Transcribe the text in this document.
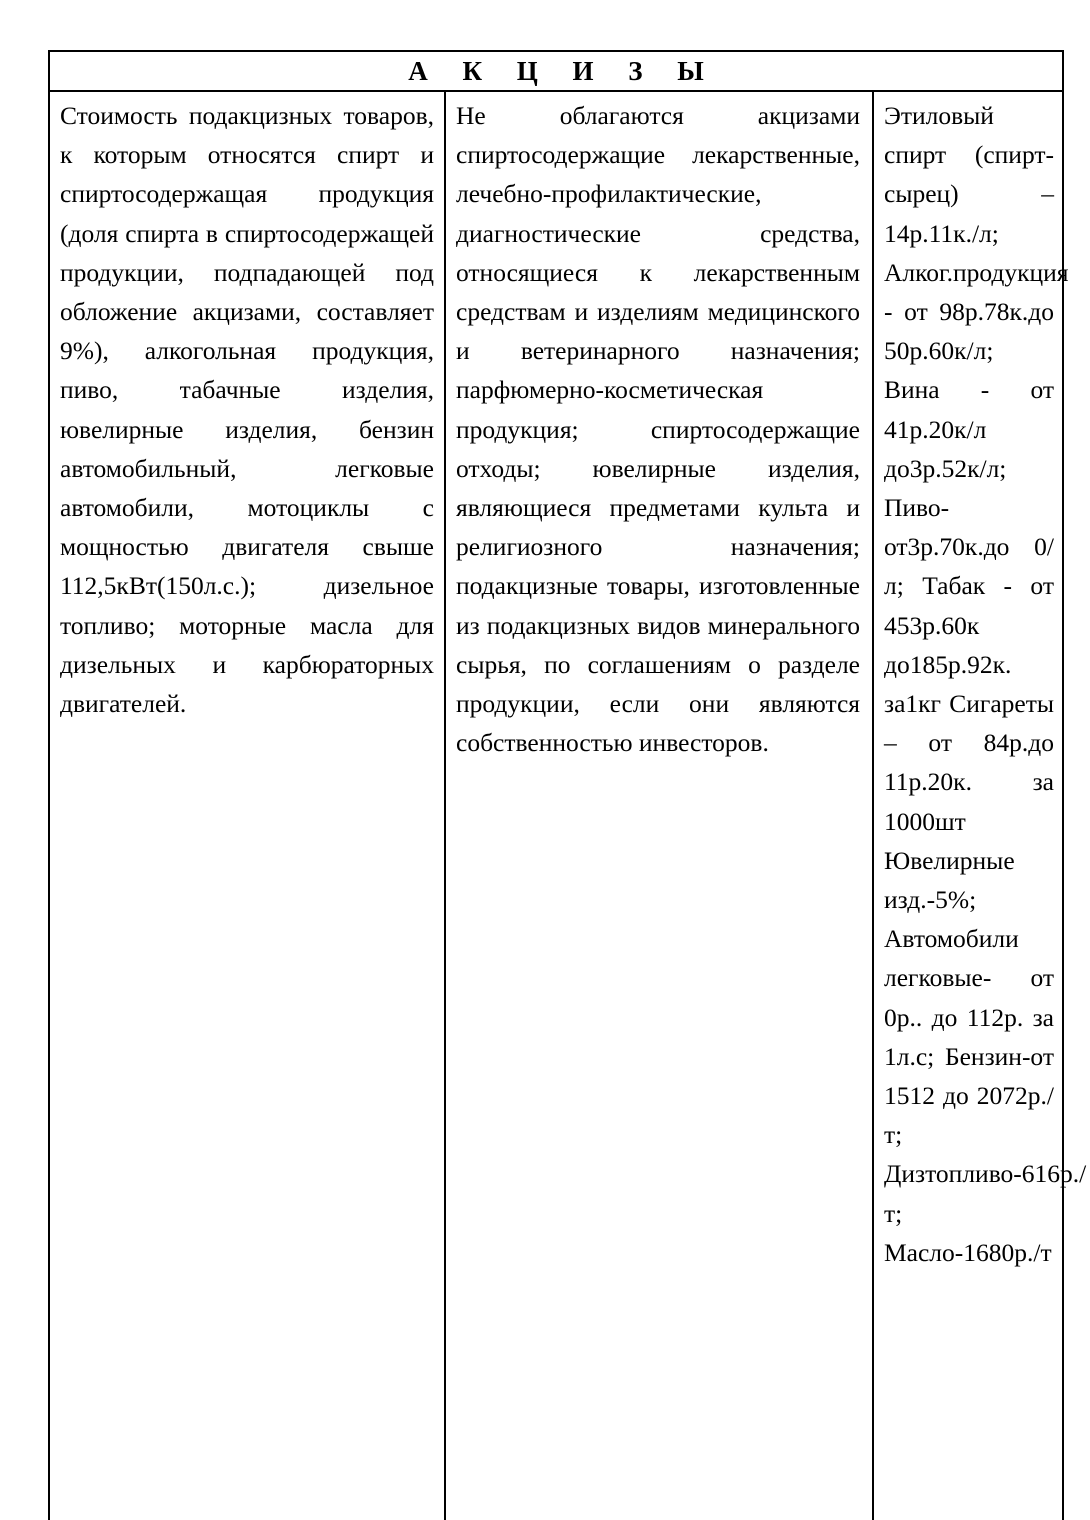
А К Ц И З Ы

Стоимость подакцизных товаров, к которым относятся спирт и спиртосодержащая продукция (доля спирта в спиртосодержащей продукции, подпадающей под обложение акцизами, составляет 9%), алкогольная продукция, пиво, табачные изделия, ювелирные изделия, бензин автомобильный, легковые автомобили, мотоциклы с мощностью двигателя свыше 112,5кВт(150л.с.); дизельное топливо; моторные масла для дизельных и карбюраторных двигателей.

Не облагаются акцизами спиртосодержащие лекарственные, лечебно-профилактические, диагностические средства, относящиеся к лекарственным средствам и изделиям медицинского и ветеринарного назначения; парфюмерно-косметическая продукция; спиртосодержащие отходы; ювелирные изделия, являющиеся предметами культа и религиозного назначения; подакцизные товары, изготовленные из подакцизных видов минерального сырья, по соглашениям о разделе продукции, если они являются собственностью инвесторов.

Этиловый спирт (спирт-сырец) – 14р.11к./л; Алког.продукция - от 98р.78к.до 50р.60к/л; Вина - от 41р.20к/л до3р.52к/л; Пиво-от3р.70к.до 0/л; Табак - от 453р.60к до185р.92к. за1кг Сигареты – от 84р.до 11р.20к. за 1000шт Ювелирные изд.-5%; Автомобили легковые- от 0р.. до 112р. за 1л.с; Бензин-от 1512 до 2072р./т; Дизтопливо-616р./т; Масло-1680р./т
